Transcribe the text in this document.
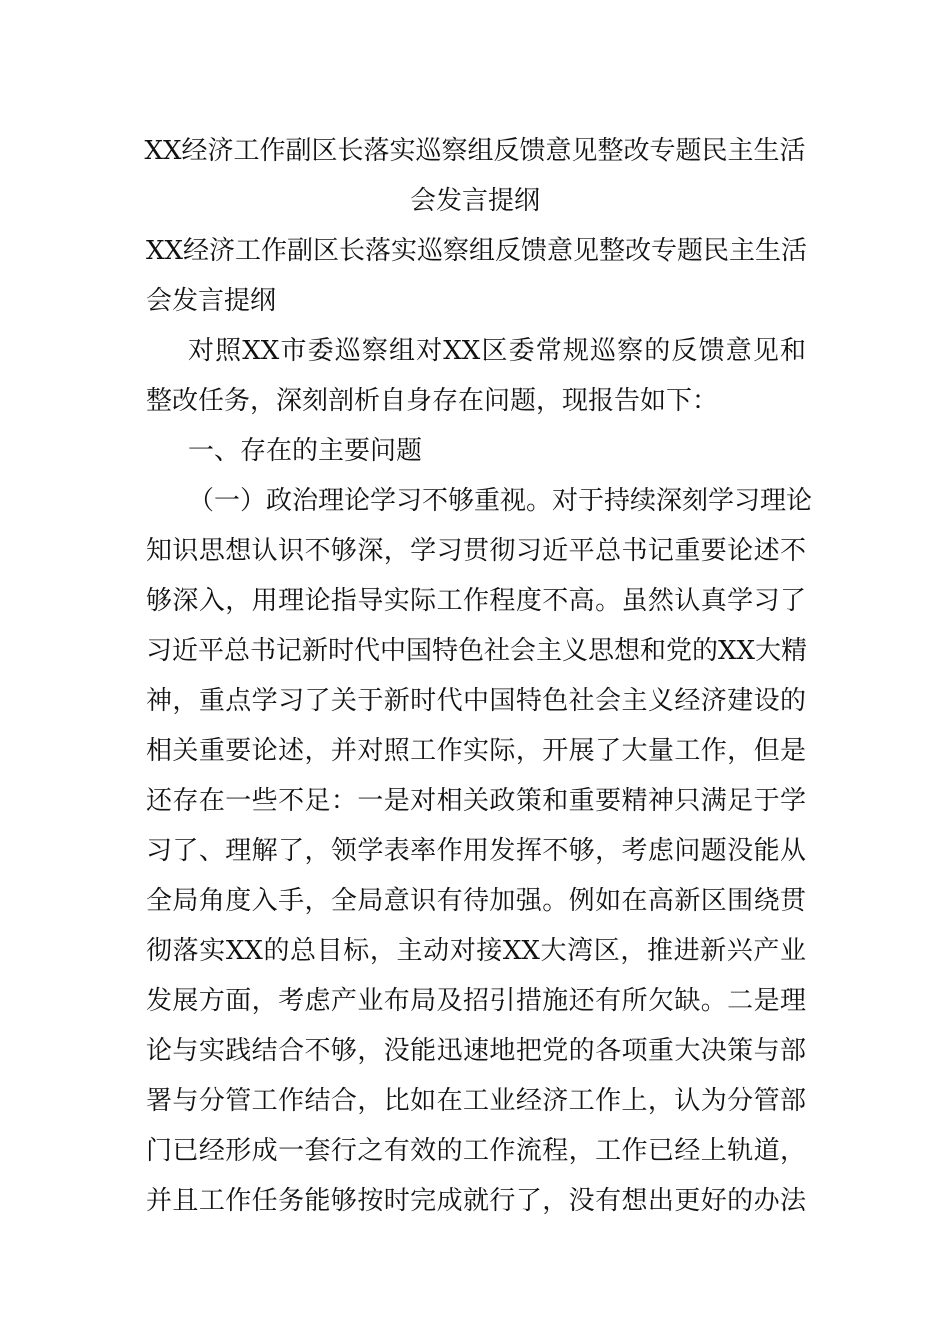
XX经济工作副区长落实巡察组反馈意见整改专题民主生活
会发言提纲
XX经济工作副区长落实巡察组反馈意见整改专题民主生活
会发言提纲
对照XX市委巡察组对XX区委常规巡察的反馈意见和
整改任务，深刻剖析自身存在问题，现报告如下：
一、存在的主要问题
（一）政治理论学习不够重视。对于持续深刻学习理论
知识思想认识不够深，学习贯彻习近平总书记重要论述不
够深入，用理论指导实际工作程度不高。虽然认真学习了
习近平总书记新时代中国特色社会主义思想和党的XX大精
神，重点学习了关于新时代中国特色社会主义经济建设的
相关重要论述，并对照工作实际，开展了大量工作，但是
还存在一些不足：一是对相关政策和重要精神只满足于学
习了、理解了，领学表率作用发挥不够，考虑问题没能从
全局角度入手，全局意识有待加强。例如在高新区围绕贯
彻落实XX的总目标，主动对接XX大湾区，推进新兴产业
发展方面，考虑产业布局及招引措施还有所欠缺。二是理
论与实践结合不够，没能迅速地把党的各项重大决策与部
署与分管工作结合，比如在工业经济工作上，认为分管部
门已经形成一套行之有效的工作流程，工作已经上轨道，
并且工作任务能够按时完成就行了，没有想出更好的办法
